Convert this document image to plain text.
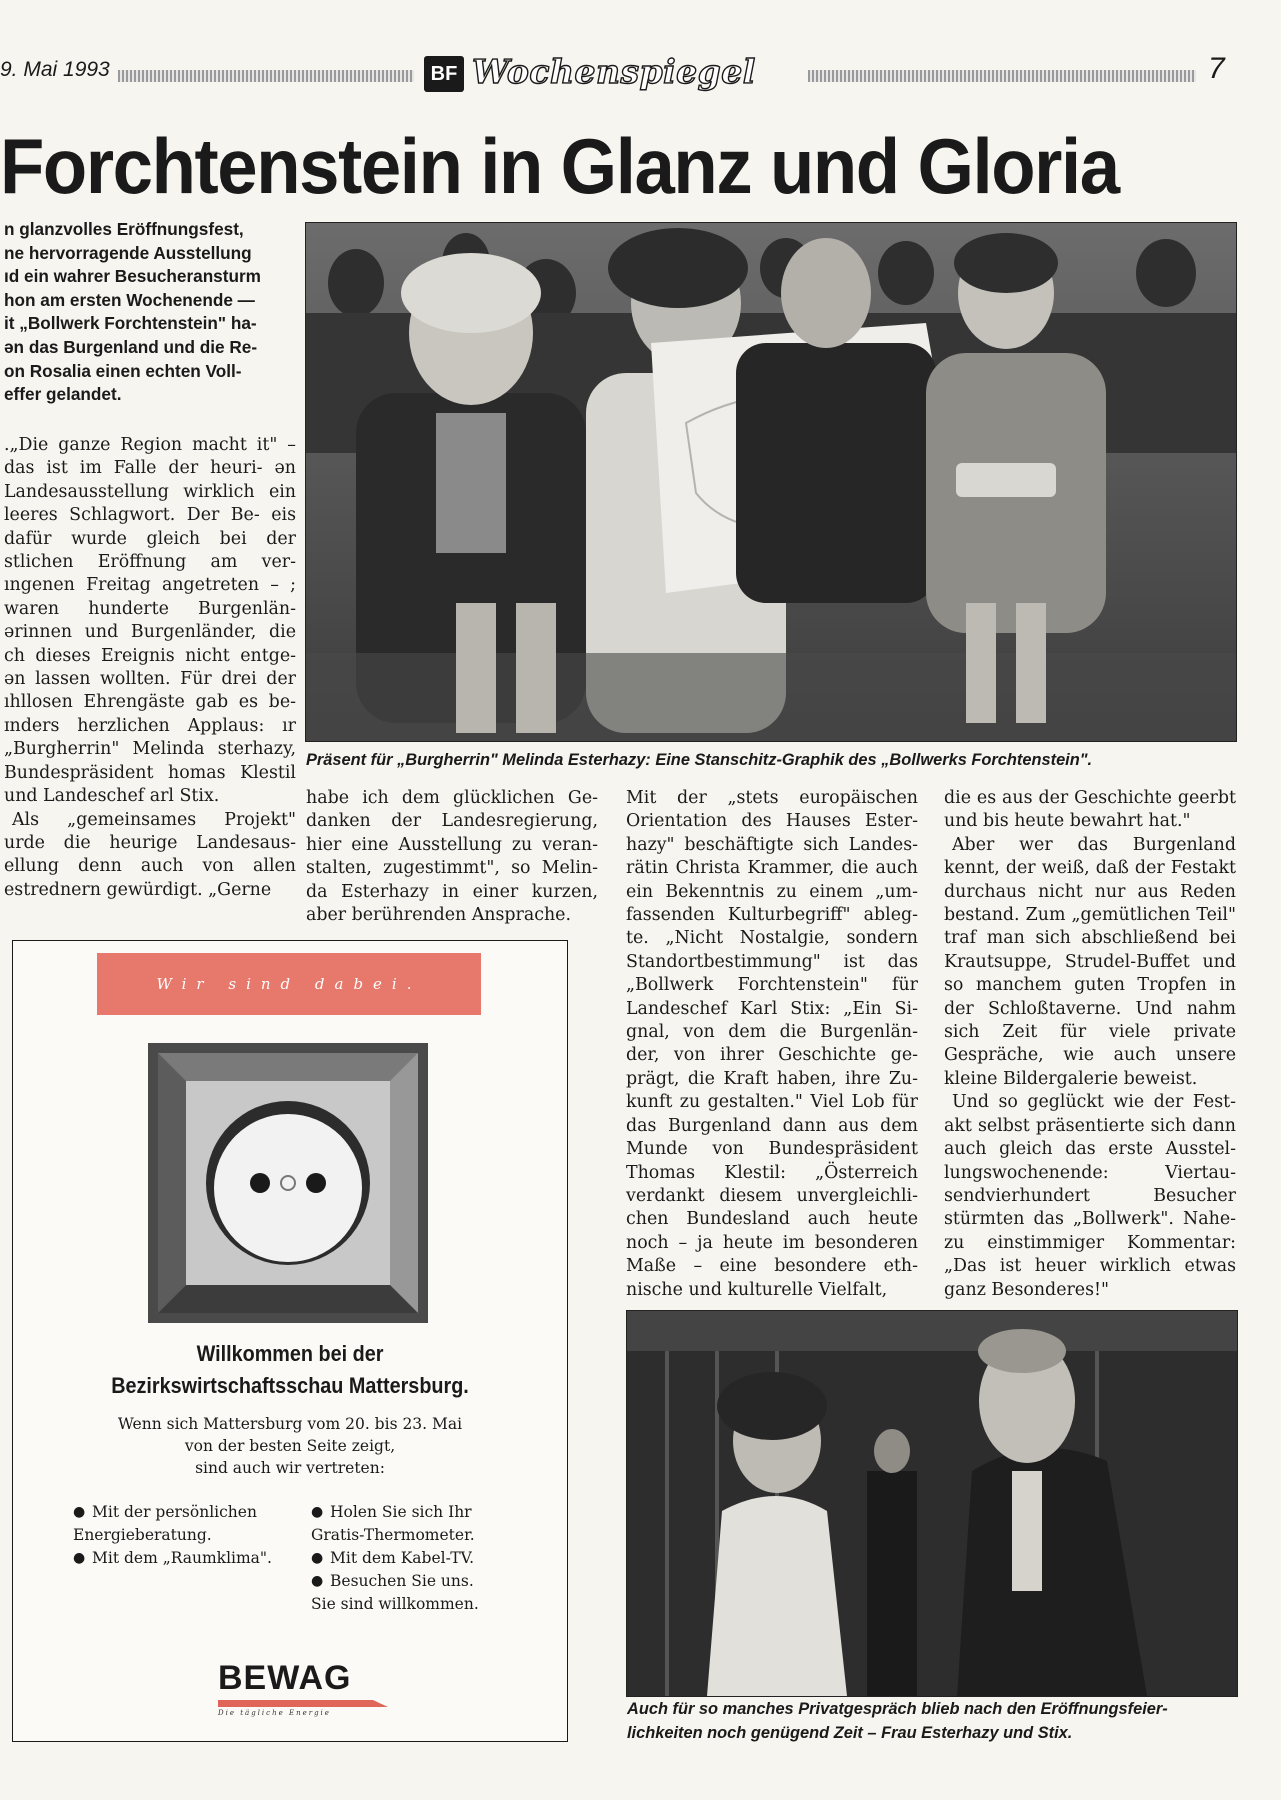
9. Mai 1993	BF Wochenspiegel	7
Forchtenstein in Glanz und Gloria
n glanzvolles Eröffnungsfest,
ne hervorragende Ausstellung
ıd ein wahrer Besucheransturm
hon am ersten Wochenende —
it „Bollwerk Forchtenstein" ha-
ən das Burgenland und die Re-
on Rosalia einen echten Voll-
effer gelandet.

.„Die ganze Region macht it" – das ist im Falle der heuri- ən Landesausstellung wirklich ein leeres Schlagwort. Der Be- eis dafür wurde gleich bei der stlichen Eröffnung am ver- ıngenen Freitag angetreten – ; waren hunderte Burgenlän- ərinnen und Burgenländer, die ch dieses Ereignis nicht entge- ən lassen wollten. Für drei der ıhllosen Ehrengäste gab es be- ɪnders herzlichen Applaus: ır „Burgherrin" Melinda sterhazy, Bundespräsident homas Klestil und Landeschef arl Stix.

Als „gemeinsames Projekt" urde die heurige Landesaus- ellung denn auch von allen estrednern gewürdigt. „Gerne

Präsent für „Burgherrin" Melinda Esterhazy: Eine Stanschitz-Graphik des „Bollwerks Forchtenstein".

habe ich dem glücklichen Ge- danken der Landesregierung, hier eine Ausstellung zu veran- stalten, zugestimmt", so Melin- da Esterhazy in einer kurzen, aber berührenden Ansprache.

Mit der „stets europäischen Orientation des Hauses Ester- hazy" beschäftigte sich Landes- rätin Christa Krammer, die auch ein Bekenntnis zu einem „um- fassenden Kulturbegriff" ableg- te. „Nicht Nostalgie, sondern Standortbestimmung" ist das „Bollwerk Forchtenstein" für Landeschef Karl Stix: „Ein Si- gnal, von dem die Burgenlän- der, von ihrer Geschichte ge- prägt, die Kraft haben, ihre Zu- kunft zu gestalten." Viel Lob für das Burgenland dann aus dem Munde von Bundespräsident Thomas Klestil: „Österreich verdankt diesem unvergleichli- chen Bundesland auch heute noch – ja heute im besonderen Maße – eine besondere eth- nische und kulturelle Vielfalt,

die es aus der Geschichte geerbt und bis heute bewahrt hat."

Aber wer das Burgenland kennt, der weiß, daß der Festakt durchaus nicht nur aus Reden bestand. Zum „gemütlichen Teil" traf man sich abschließend bei Krautsuppe, Strudel-Buffet und so manchem guten Tropfen in der Schloßtaverne. Und nahm sich Zeit für viele private Gespräche, wie auch unsere kleine Bildergalerie beweist.

Und so geglückt wie der Fest- akt selbst präsentierte sich dann auch gleich das erste Ausstel- lungswochenende: Viertau- sendvierhundert Besucher stürmten das „Bollwerk". Nahe- zu einstimmiger Kommentar: „Das ist heuer wirklich etwas ganz Besonderes!"

Auch für so manches Privatgespräch blieb nach den Eröffnungsfeier- lichkeiten noch genügend Zeit – Frau Esterhazy und Stix.
Wir sind dabei.
Willkommen bei der
Bezirkswirtschaftsschau Mattersburg.
Wenn sich Mattersburg vom 20. bis 23. Mai
von der besten Seite zeigt,
sind auch wir vertreten:
● Mit der persönlichen
Energieberatung.
● Mit dem „Raumklima".
● Holen Sie sich Ihr
Gratis-Thermometer.
● Mit dem Kabel-TV.
● Besuchen Sie uns.
Sie sind willkommen.
BEWAG
Die tägliche Energie
